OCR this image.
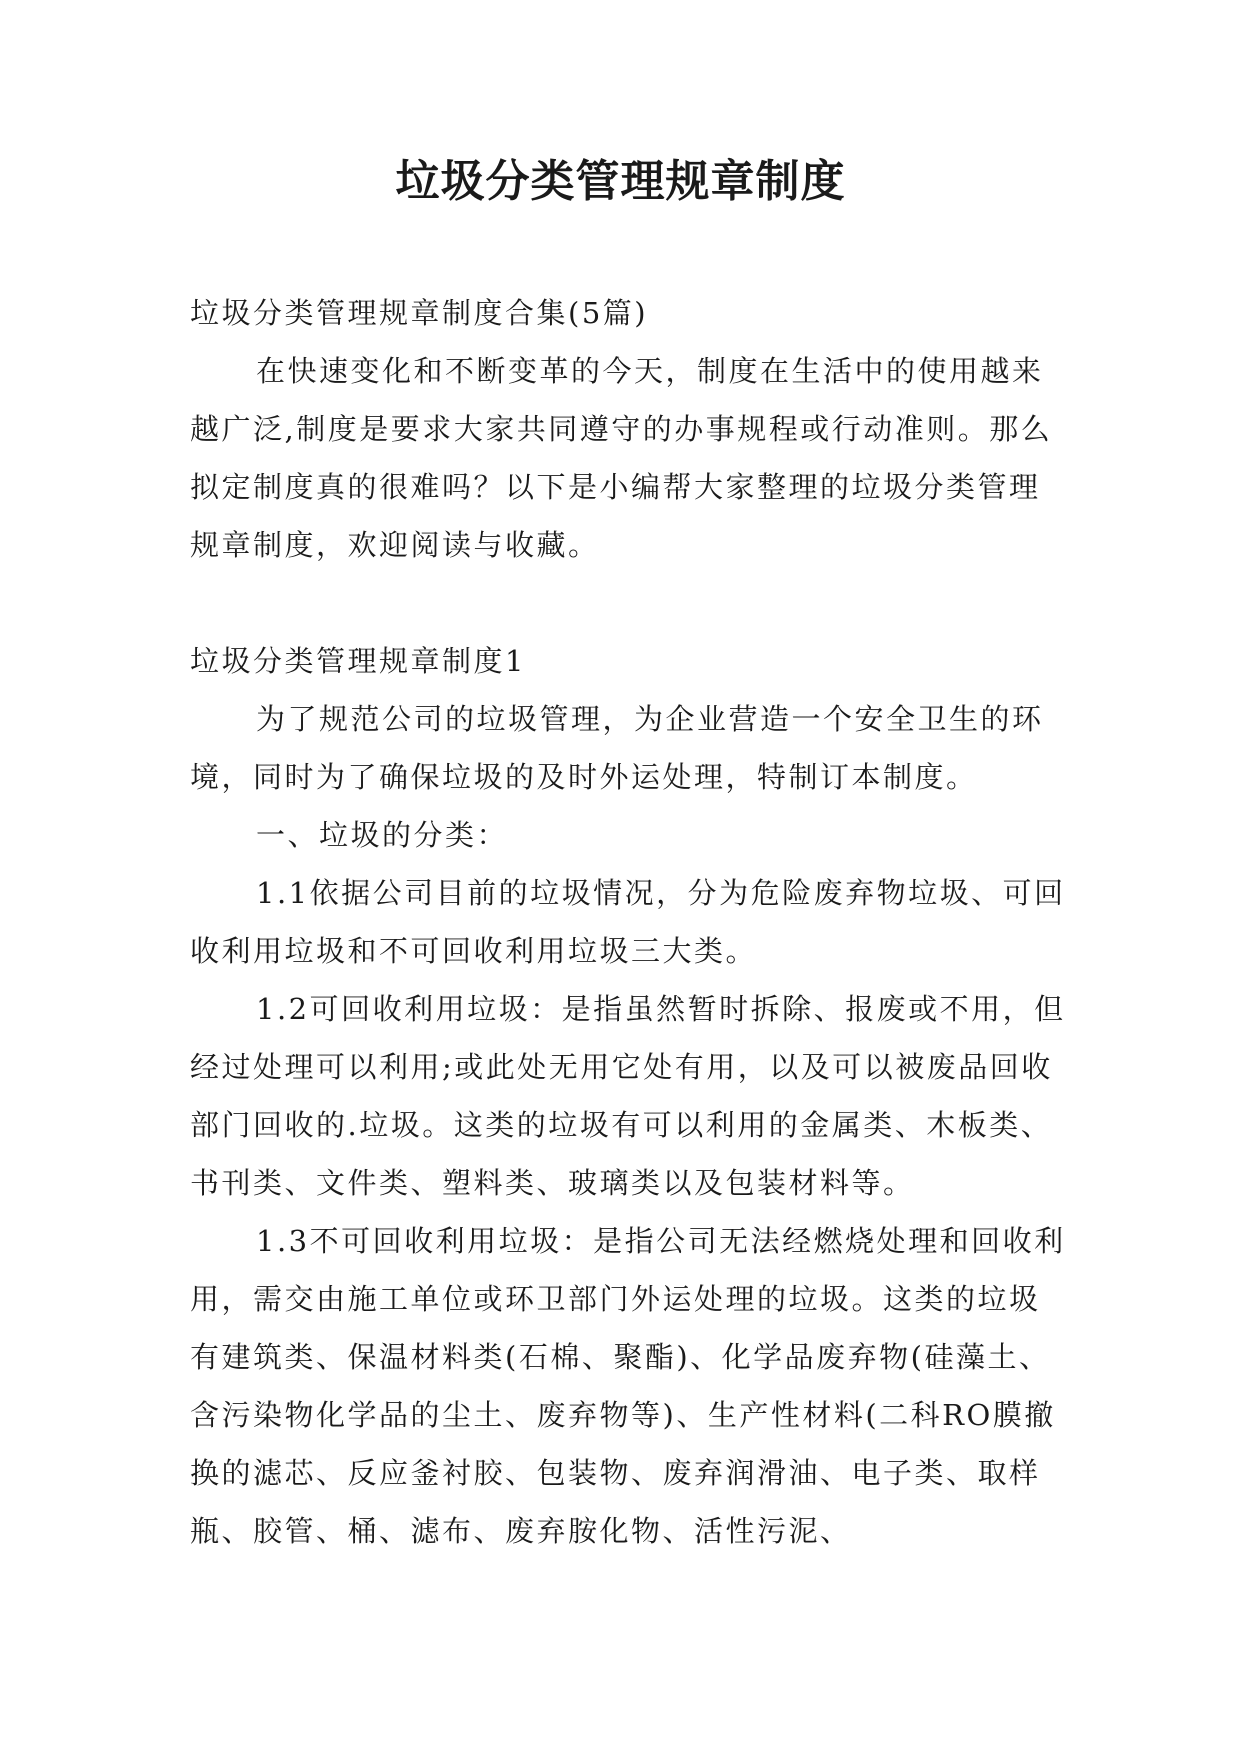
垃圾分类管理规章制度

垃圾分类管理规章制度合集(5篇)

在快速变化和不断变革的今天，制度在生活中的使用越来越广泛,制度是要求大家共同遵守的办事规程或行动准则。那么拟定制度真的很难吗？以下是小编帮大家整理的垃圾分类管理规章制度，欢迎阅读与收藏。

垃圾分类管理规章制度1

为了规范公司的垃圾管理，为企业营造一个安全卫生的环境，同时为了确保垃圾的及时外运处理，特制订本制度。

一、垃圾的分类：

1.1依据公司目前的垃圾情况，分为危险废弃物垃圾、可回收利用垃圾和不可回收利用垃圾三大类。

1.2可回收利用垃圾：是指虽然暂时拆除、报废或不用，但经过处理可以利用;或此处无用它处有用，以及可以被废品回收部门回收的.垃圾。这类的垃圾有可以利用的金属类、木板类、书刊类、文件类、塑料类、玻璃类以及包装材料等。

1.3不可回收利用垃圾：是指公司无法经燃烧处理和回收利用，需交由施工单位或环卫部门外运处理的垃圾。这类的垃圾有建筑类、保温材料类(石棉、聚酯)、化学品废弃物(硅藻土、含污染物化学品的尘土、废弃物等)、生产性材料(二科RO膜撤换的滤芯、反应釜衬胶、包装物、废弃润滑油、电子类、取样瓶、胶管、桶、滤布、废弃胺化物、活性污泥、
